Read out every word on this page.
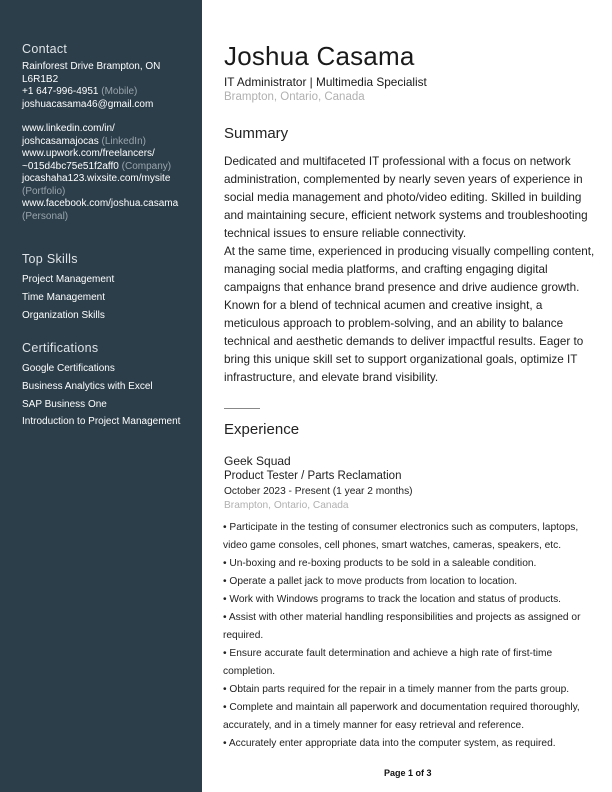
Contact
Rainforest Drive Brampton, ON
L6R1B2
+1 647-996-4951 (Mobile)
joshuacasama46@gmail.com
www.linkedin.com/in/
joshcasamajocas (LinkedIn)
www.upwork.com/freelancers/
~015d4bc75e51f2aff0 (Company)
jocashaha123.wixsite.com/mysite
(Portfolio)
www.facebook.com/joshua.casama
(Personal)
Top Skills
Project Management
Time Management
Organization Skills
Certifications
Google Certifications
Business Analytics with Excel
SAP Business One
Introduction to Project Management
Joshua Casama
IT Administrator | Multimedia Specialist
Brampton, Ontario, Canada
Summary

Dedicated and multifaceted IT professional with a focus on network administration, complemented by nearly seven years of experience in social media management and photo/video editing. Skilled in building and maintaining secure, efficient network systems and troubleshooting technical issues to ensure reliable connectivity.

At the same time, experienced in producing visually compelling content, managing social media platforms, and crafting engaging digital campaigns that enhance brand presence and drive audience growth. Known for a blend of technical acumen and creative insight, a meticulous approach to problem-solving, and an ability to balance technical and aesthetic demands to deliver impactful results. Eager to bring this unique skill set to support organizational goals, optimize IT infrastructure, and elevate brand visibility.

Experience
Geek Squad
Product Tester / Parts Reclamation
October 2023 - Present (1 year 2 months)
Brampton, Ontario, Canada
• Participate in the testing of consumer electronics such as computers, laptops, video game consoles, cell phones, smart watches, cameras, speakers, etc.
• Un-boxing and re-boxing products to be sold in a saleable condition.
• Operate a pallet jack to move products from location to location.
• Work with Windows programs to track the location and status of products.
• Assist with other material handling responsibilities and projects as assigned or required.
• Ensure accurate fault determination and achieve a high rate of first-time completion.
• Obtain parts required for the repair in a timely manner from the parts group.
• Complete and maintain all paperwork and documentation required thoroughly, accurately, and in a timely manner for easy retrieval and reference.
• Accurately enter appropriate data into the computer system, as required.
Page 1 of 3
